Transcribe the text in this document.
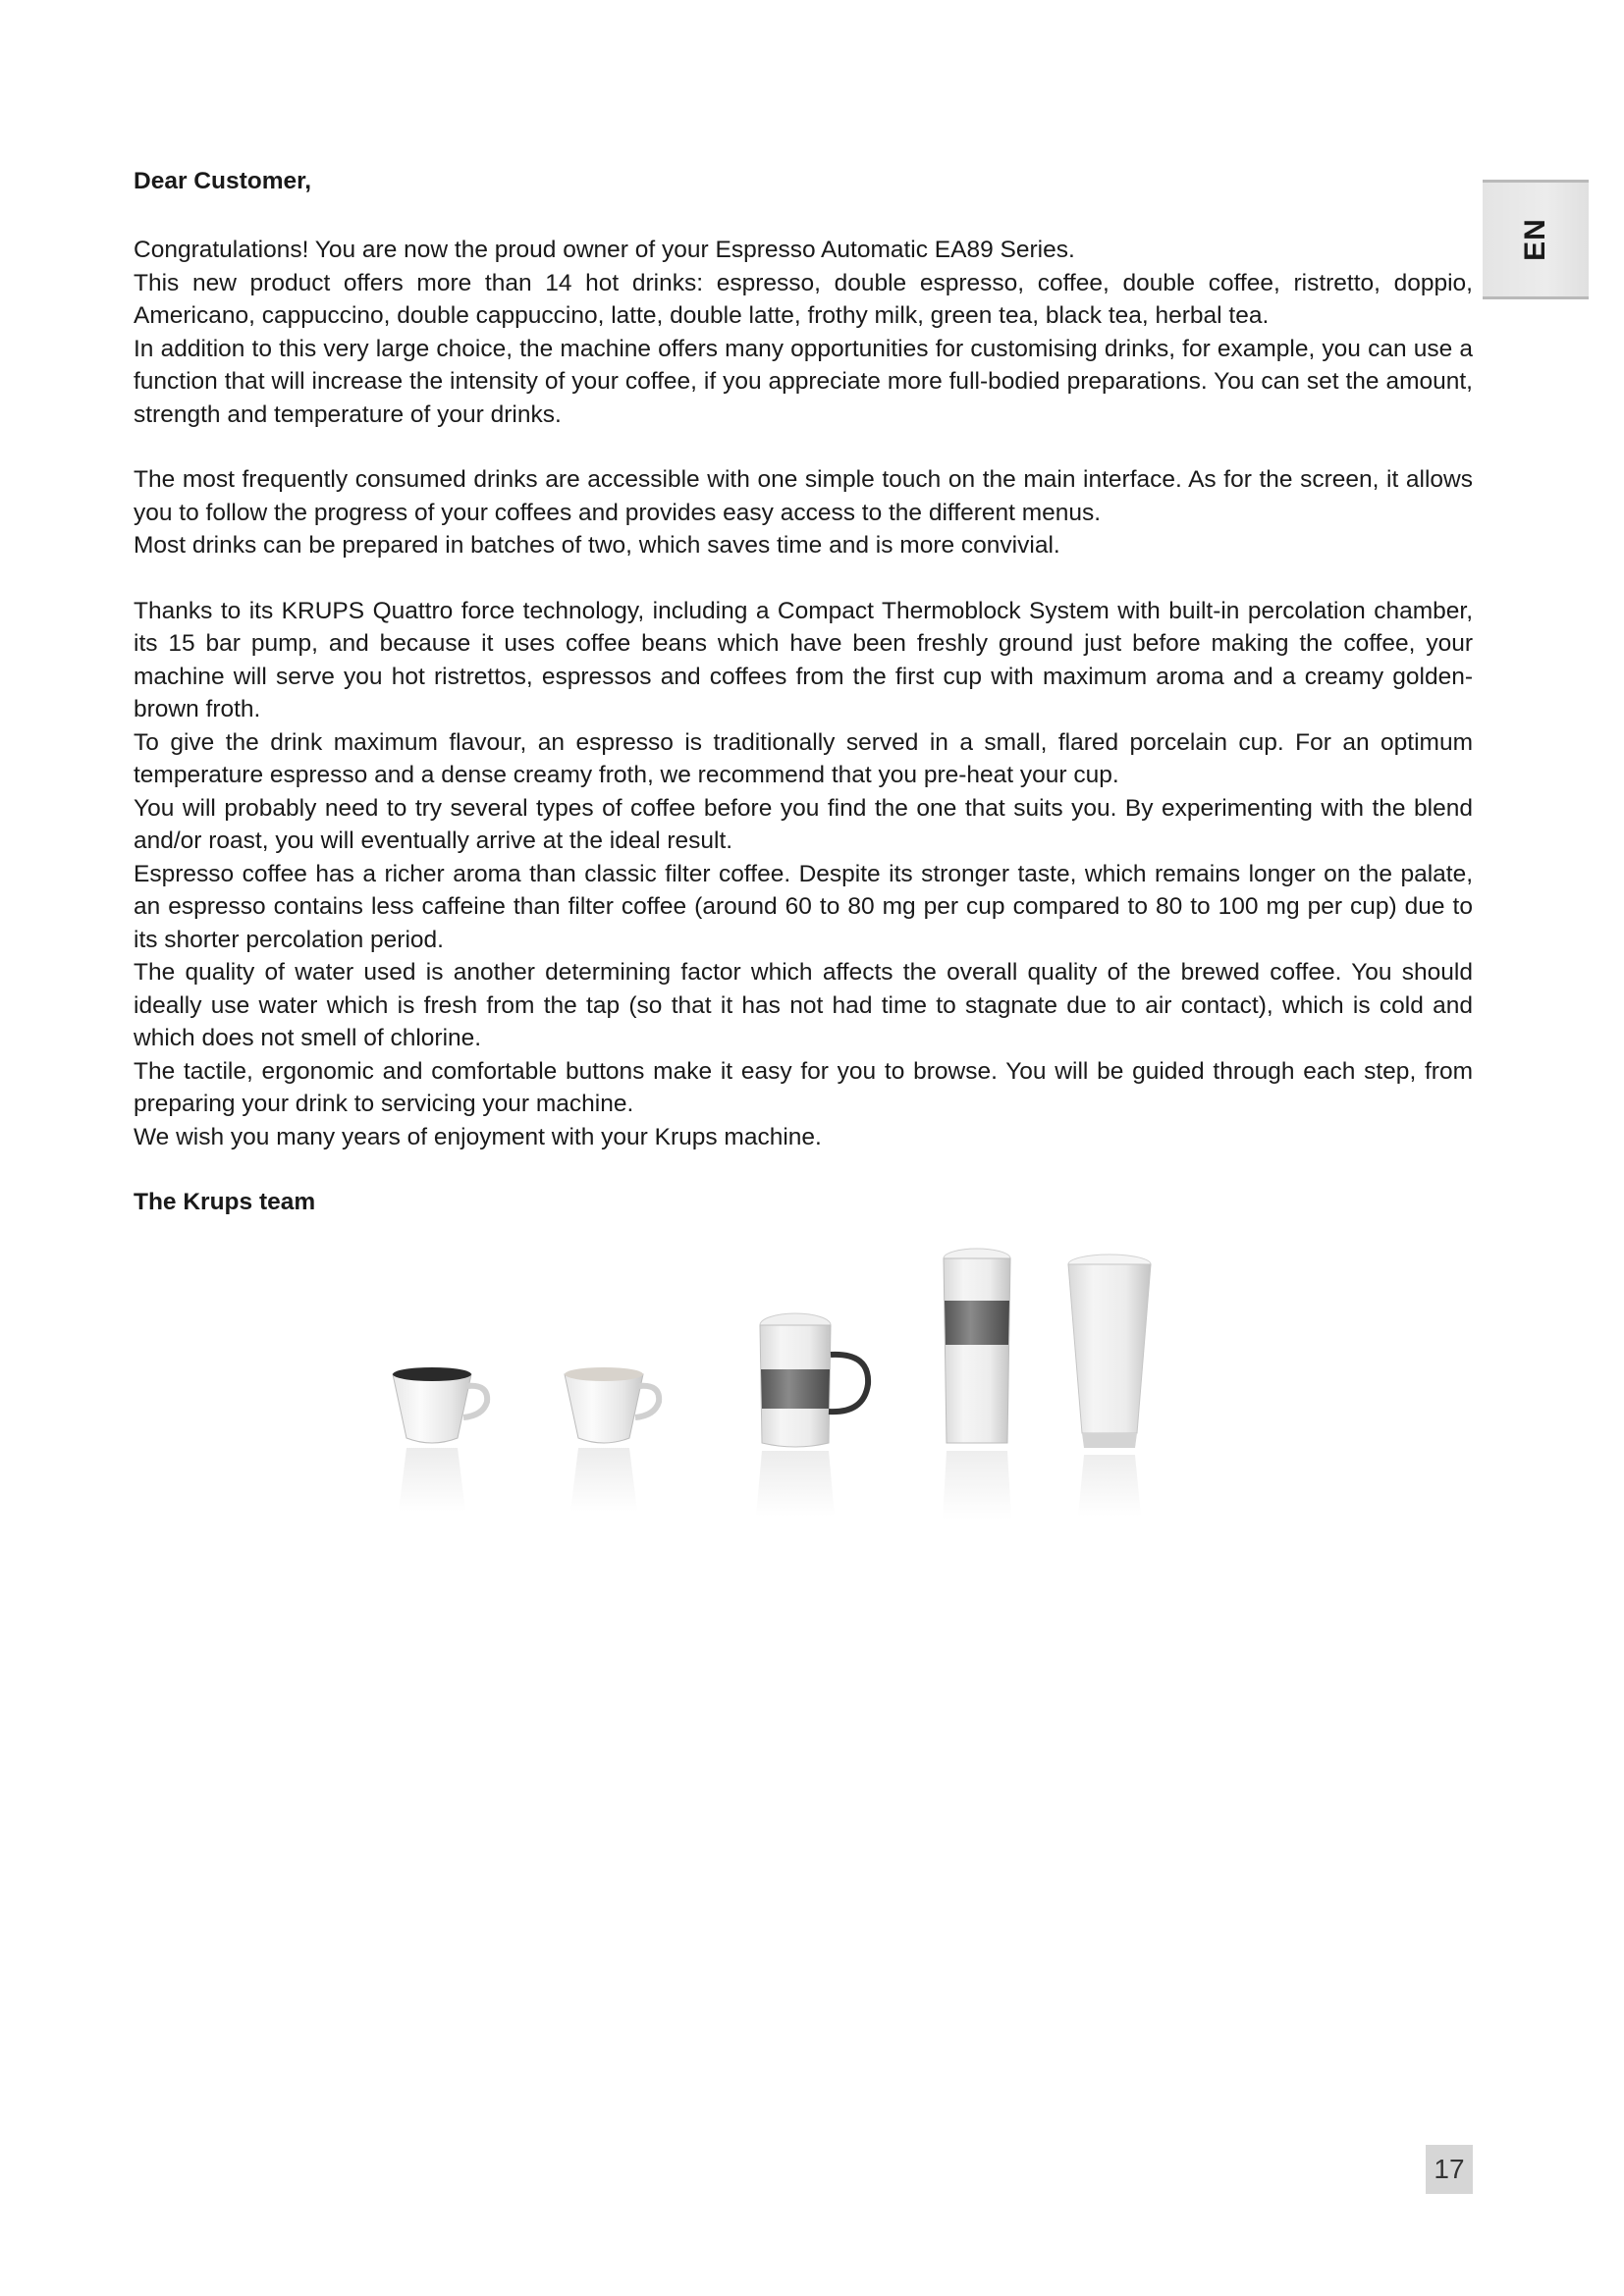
EN
Dear Customer,

Congratulations! You are now the proud owner of your Espresso Automatic EA89 Series.

This new product offers more than 14 hot drinks: espresso, double espresso, coffee, double coffee, ristretto, doppio, Americano, cappuccino, double cappuccino, latte, double latte, frothy milk, green tea, black tea, herbal tea.

In addition to this very large choice, the machine offers many opportunities for customising drinks, for example, you can use a function that will increase the intensity of your coffee, if you appreciate more full-bodied preparations. You can set the amount, strength and temperature of your drinks.

The most frequently consumed drinks are accessible with one simple touch on the main interface. As for the screen, it allows you to follow the progress of your coffees and provides easy access to the different menus.

Most drinks can be prepared in batches of two, which saves time and is more convivial.

Thanks to its KRUPS Quattro force technology, including a Compact Thermoblock System with built-in percolation chamber, its 15 bar pump, and because it uses coffee beans which have been freshly ground just before making the coffee, your machine will serve you hot ristrettos, espressos and coffees from the first cup with maximum aroma and a creamy golden-brown froth.

To give the drink maximum flavour, an espresso is traditionally served in a small, flared porcelain cup. For an optimum temperature espresso and a dense creamy froth, we recommend that you pre-heat your cup.

You will probably need to try several types of coffee before you find the one that suits you. By experimenting with the blend and/or roast, you will eventually arrive at the ideal result.

Espresso coffee has a richer aroma than classic filter coffee. Despite its stronger taste, which remains longer on the palate, an espresso contains less caffeine than filter coffee (around 60 to 80 mg per cup compared to 80 to 100 mg per cup) due to its shorter percolation period.

The quality of water used is another determining factor which affects the overall quality of the brewed coffee. You should ideally use water which is fresh from the tap (so that it has not had time to stagnate due to air contact), which is cold and which does not smell of chlorine.

The tactile, ergonomic and comfortable buttons make it easy for you to browse. You will be guided through each step, from preparing your drink to servicing your machine.

We wish you many years of enjoyment with your Krups machine.

The Krups team
17
